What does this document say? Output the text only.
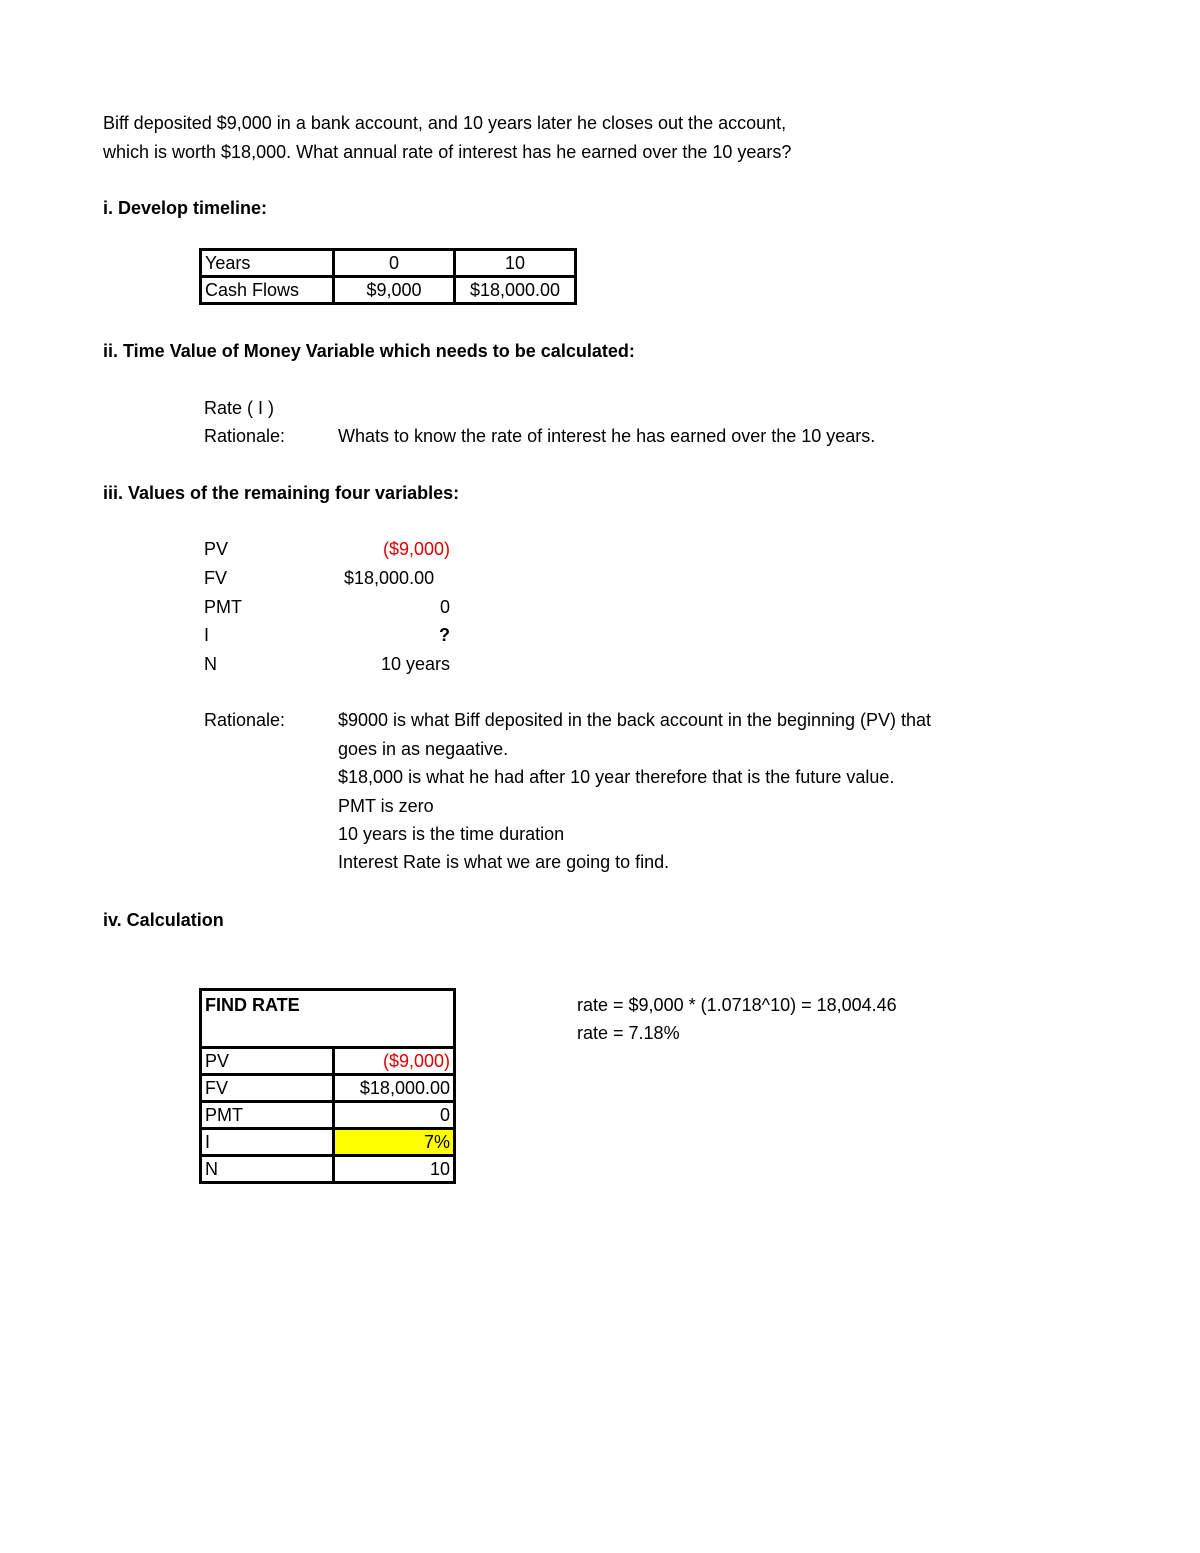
Biff deposited $9,000 in a bank account, and 10 years later he closes out the account,
which is worth $18,000. What annual rate of interest has he earned over the 10 years?
i. Develop timeline:
Years	0	10
Cash Flows	$9,000	$18,000.00
ii. Time Value of Money Variable which needs to be calculated:
Rate ( I )
Rationale:	Whats to know the rate of interest he has earned over the 10 years.
iii. Values of the remaining four variables:
PV	($9,000)
FV	$18,000.00
PMT	0
I	?
N	10 years
Rationale:	$9000 is what Biff deposited in the back account in the beginning (PV) that
goes in as negaative.
$18,000 is what he had after 10 year therefore that is the future value.
PMT is zero
10 years is the time duration
Interest Rate is what we are going to find.
iv. Calculation
FIND RATE	
PV	($9,000)
FV	$18,000.00
PMT	0
I	7%
N	10
rate = $9,000 * (1.0718^10) = 18,004.46
rate = 7.18%
